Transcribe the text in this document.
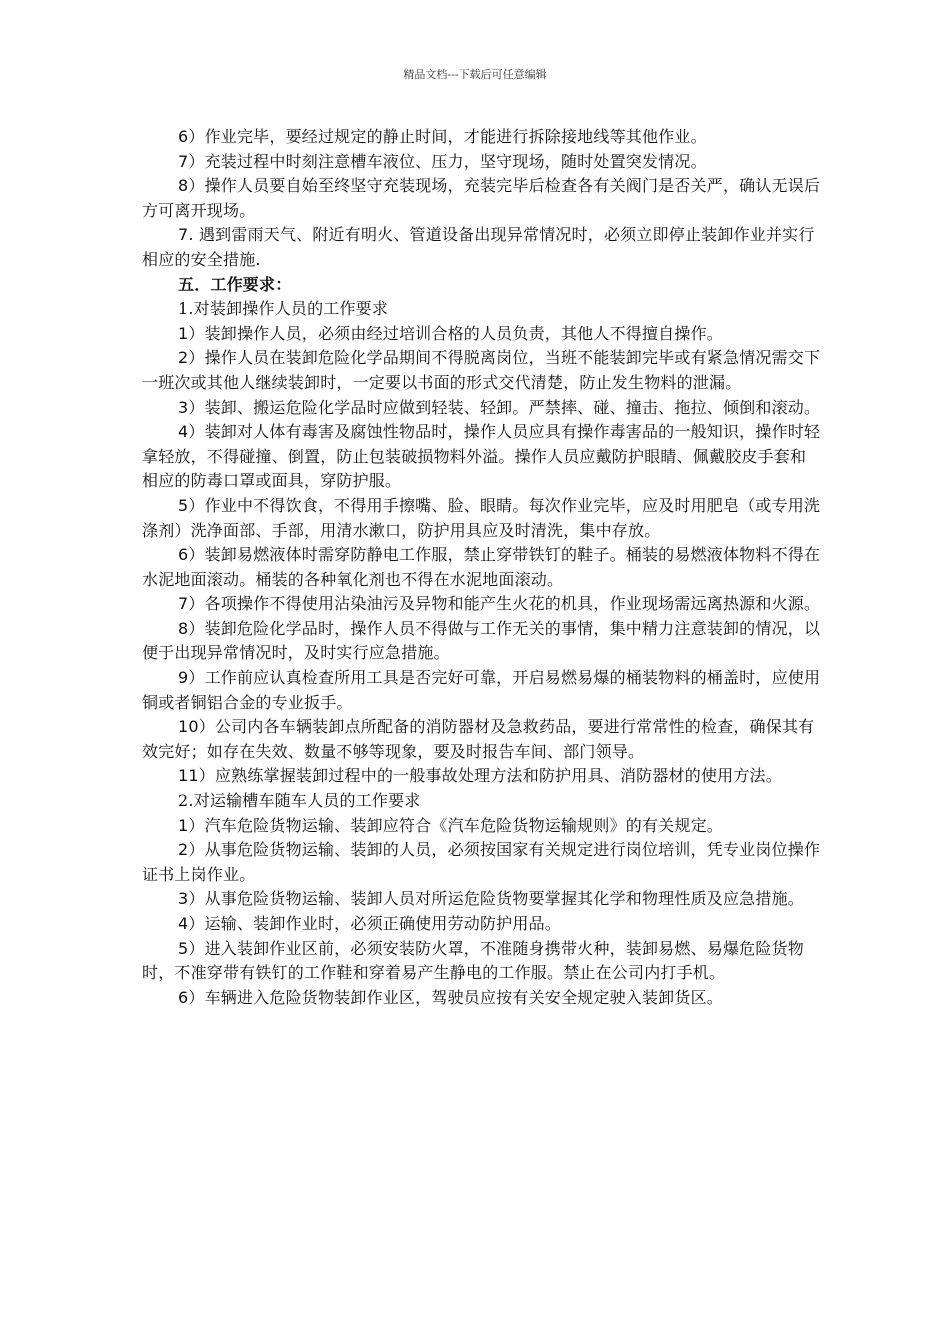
精品文档---下载后可任意编辑

6）作业完毕，要经过规定的静止时间，才能进行拆除接地线等其他作业。

7）充装过程中时刻注意槽车液位、压力，坚守现场，随时处置突发情况。

8）操作人员要自始至终坚守充装现场，充装完毕后检查各有关阀门是否关严，确认无误后方可离开现场。

7. 遇到雷雨天气、附近有明火、管道设备出现异常情况时，必须立即停止装卸作业并实行相应的安全措施.

五．工作要求：

1.对装卸操作人员的工作要求

1）装卸操作人员，必须由经过培训合格的人员负责，其他人不得擅自操作。

2）操作人员在装卸危险化学品期间不得脱离岗位，当班不能装卸完毕或有紧急情况需交下一班次或其他人继续装卸时，一定要以书面的形式交代清楚，防止发生物料的泄漏。

3）装卸、搬运危险化学品时应做到轻装、轻卸。严禁摔、碰、撞击、拖拉、倾倒和滚动。

4）装卸对人体有毒害及腐蚀性物品时，操作人员应具有操作毒害品的一般知识，操作时轻拿轻放，不得碰撞、倒置，防止包装破损物料外溢。操作人员应戴防护眼睛、佩戴胶皮手套和相应的防毒口罩或面具，穿防护服。

5）作业中不得饮食，不得用手擦嘴、脸、眼睛。每次作业完毕，应及时用肥皂（或专用洗涤剂）洗净面部、手部，用清水漱口，防护用具应及时清洗，集中存放。

6）装卸易燃液体时需穿防静电工作服，禁止穿带铁钉的鞋子。桶装的易燃液体物料不得在水泥地面滚动。桶装的各种氧化剂也不得在水泥地面滚动。

7）各项操作不得使用沾染油污及异物和能产生火花的机具，作业现场需远离热源和火源。

8）装卸危险化学品时，操作人员不得做与工作无关的事情，集中精力注意装卸的情况，以便于出现异常情况时，及时实行应急措施。

9）工作前应认真检查所用工具是否完好可靠，开启易燃易爆的桶装物料的桶盖时，应使用铜或者铜铝合金的专业扳手。

10）公司内各车辆装卸点所配备的消防器材及急救药品，要进行常常性的检查，确保其有效完好；如存在失效、数量不够等现象，要及时报告车间、部门领导。

11）应熟练掌握装卸过程中的一般事故处理方法和防护用具、消防器材的使用方法。

2.对运输槽车随车人员的工作要求

1）汽车危险货物运输、装卸应符合《汽车危险货物运输规则》的有关规定。

2）从事危险货物运输、装卸的人员，必须按国家有关规定进行岗位培训，凭专业岗位操作证书上岗作业。

3）从事危险货物运输、装卸人员对所运危险货物要掌握其化学和物理性质及应急措施。

4）运输、装卸作业时，必须正确使用劳动防护用品。

5）进入装卸作业区前，必须安装防火罩，不准随身携带火种，装卸易燃、易爆危险货物时，不准穿带有铁钉的工作鞋和穿着易产生静电的工作服。禁止在公司内打手机。

6）车辆进入危险货物装卸作业区，驾驶员应按有关安全规定驶入装卸货区。
